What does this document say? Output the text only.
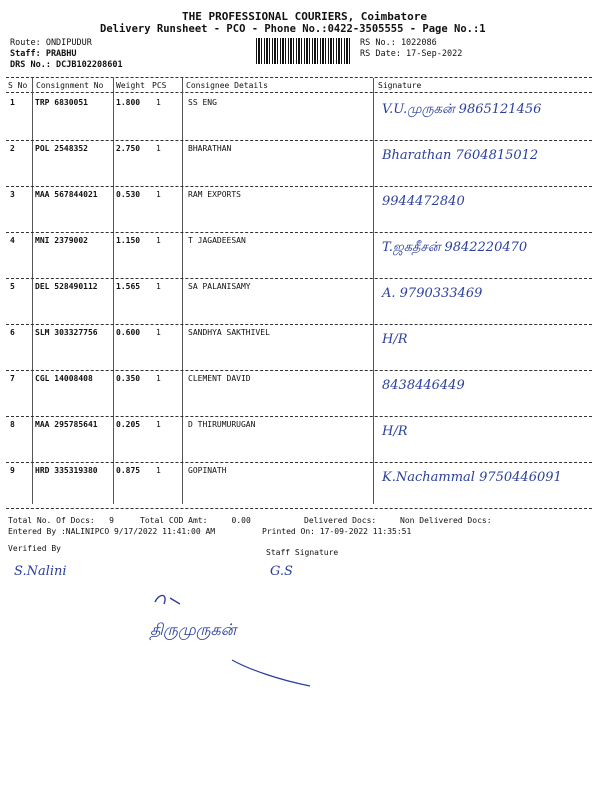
THE PROFESSIONAL COURIERS, Coimbatore
Delivery Runsheet - PCO - Phone No.:0422-3505555 - Page No.:1
Route: ONDIPUDUR
Staff: PRABHU
DRS No.: DCJB102208601
RS No.: 1022086
RS Date: 17-Sep-2022
S No Consignment No Weight PCS Consignee Details	Signature
1	TRP 6830051	1.800 1	SS ENG	V.U.முருகன் 9865121456
2	POL 2548352	2.750 1	BHARATHAN	Bharathan 7604815012
3	MAA 567844021 0.530 1	RAM EXPORTS	9944472840
4	MNI 2379002	1.150 1	T JAGADEESAN	T.ஜகதீசன் 9842220470
5	DEL 528490112 1.565 1	SA PALANISAMY	A. 9790333469
6	SLM 303327756 0.600 1	SANDHYA SAKTHIVEL	H/R
7	CGL 14008408	0.350 1	CLEMENT DAVID	8438446449
8	MAA 295785641 0.205 1	D THIRUMURUGAN	H/R
9	HRD 335319380 0.875 1	GOPINATH	K.Nachammal 9750446091
Total No. Of Docs:   9	Total COD Amt:     0.00	Delivered Docs:	Non Delivered Docs:
Entered By :NALINIPCO 9/17/2022 11:41:00 AM	Printed On: 17-09-2022 11:35:51
Verified By	Staff Signature
S.Nalini	G.S
திருமுருகன்
